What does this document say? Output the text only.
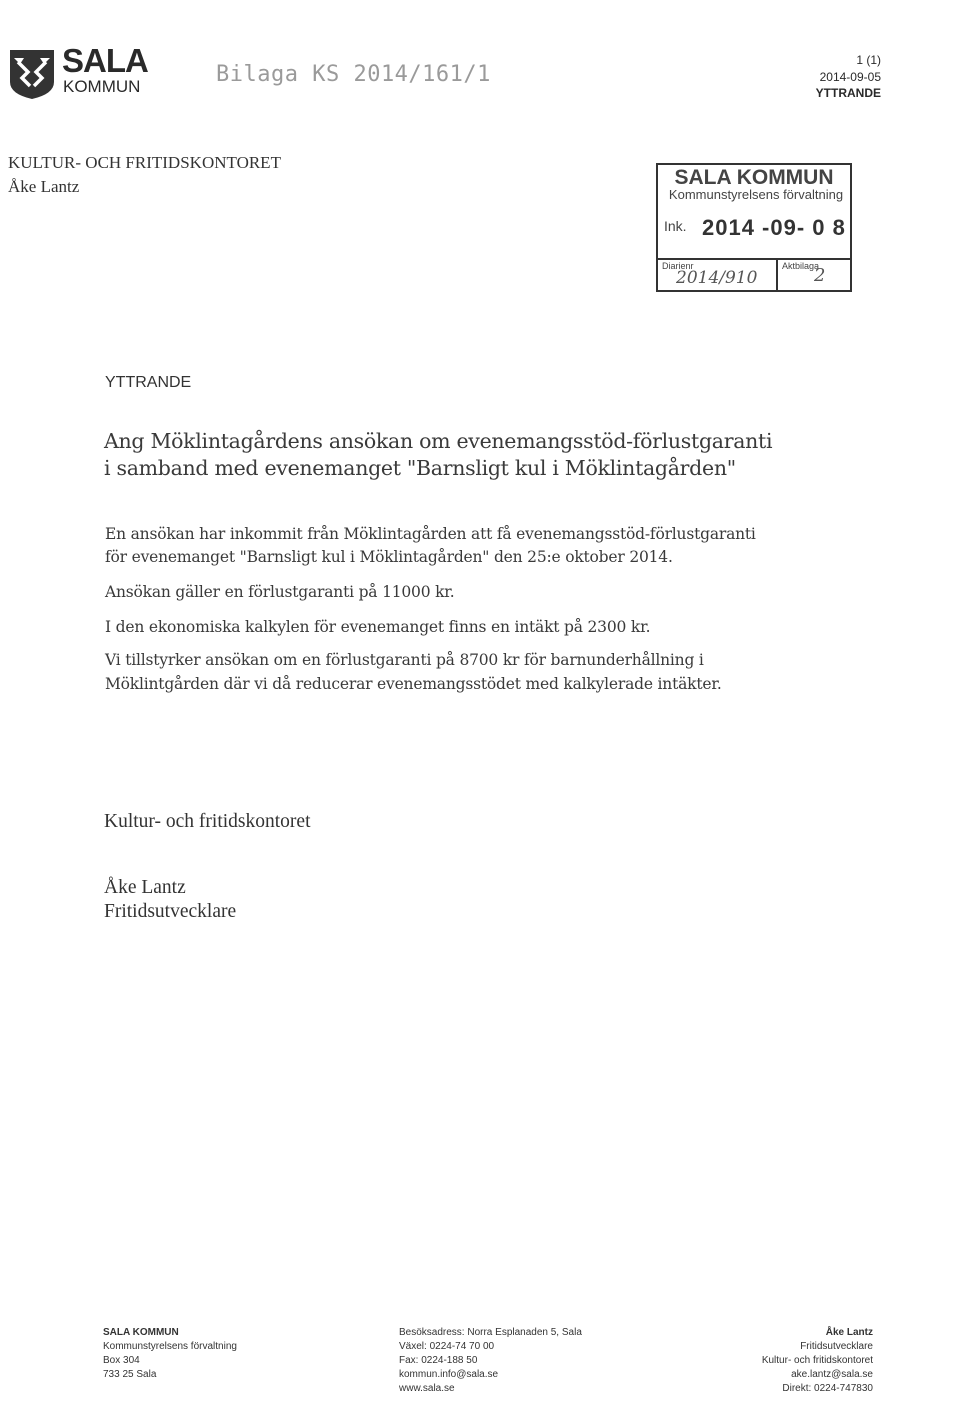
SALA
KOMMUN	Bilaga KS 2014/161/1
1 (1)
2014-09-05
YTTRANDE
KULTUR- OCH FRITIDSKONTORET
Åke Lantz	SALA KOMMUN
Kommunstyrelsens förvaltning
Ink. 2014 -09- 0 8
Diarienr	Aktbilaga
2014/910	2
YTTRANDE
Ang Möklintagårdens ansökan om evenemangsstöd-förlustgaranti
i samband med evenemanget "Barnsligt kul i Möklintagården"
En ansökan har inkommit från Möklintagården att få evenemangsstöd-förlustgaranti
för evenemanget "Barnsligt kul i Möklintagården" den 25:e oktober 2014.
Ansökan gäller en förlustgaranti på 11000 kr.
I den ekonomiska kalkylen för evenemanget finns en intäkt på 2300 kr.
Vi tillstyrker ansökan om en förlustgaranti på 8700 kr för barnunderhållning i
Möklintgården där vi då reducerar evenemangsstödet med kalkylerade intäkter.
Kultur- och fritidskontoret
Åke Lantz
Fritidsutvecklare
SALA KOMMUN
Kommunstyrelsens förvaltning
Box 304
733 25 Sala
Besöksadress: Norra Esplanaden 5, Sala
Växel: 0224-74 70 00
Fax: 0224-188 50
kommun.info@sala.se
www.sala.se
Åke Lantz
Fritidsutvecklare
Kultur- och fritidskontoret
ake.lantz@sala.se
Direkt: 0224-747830
